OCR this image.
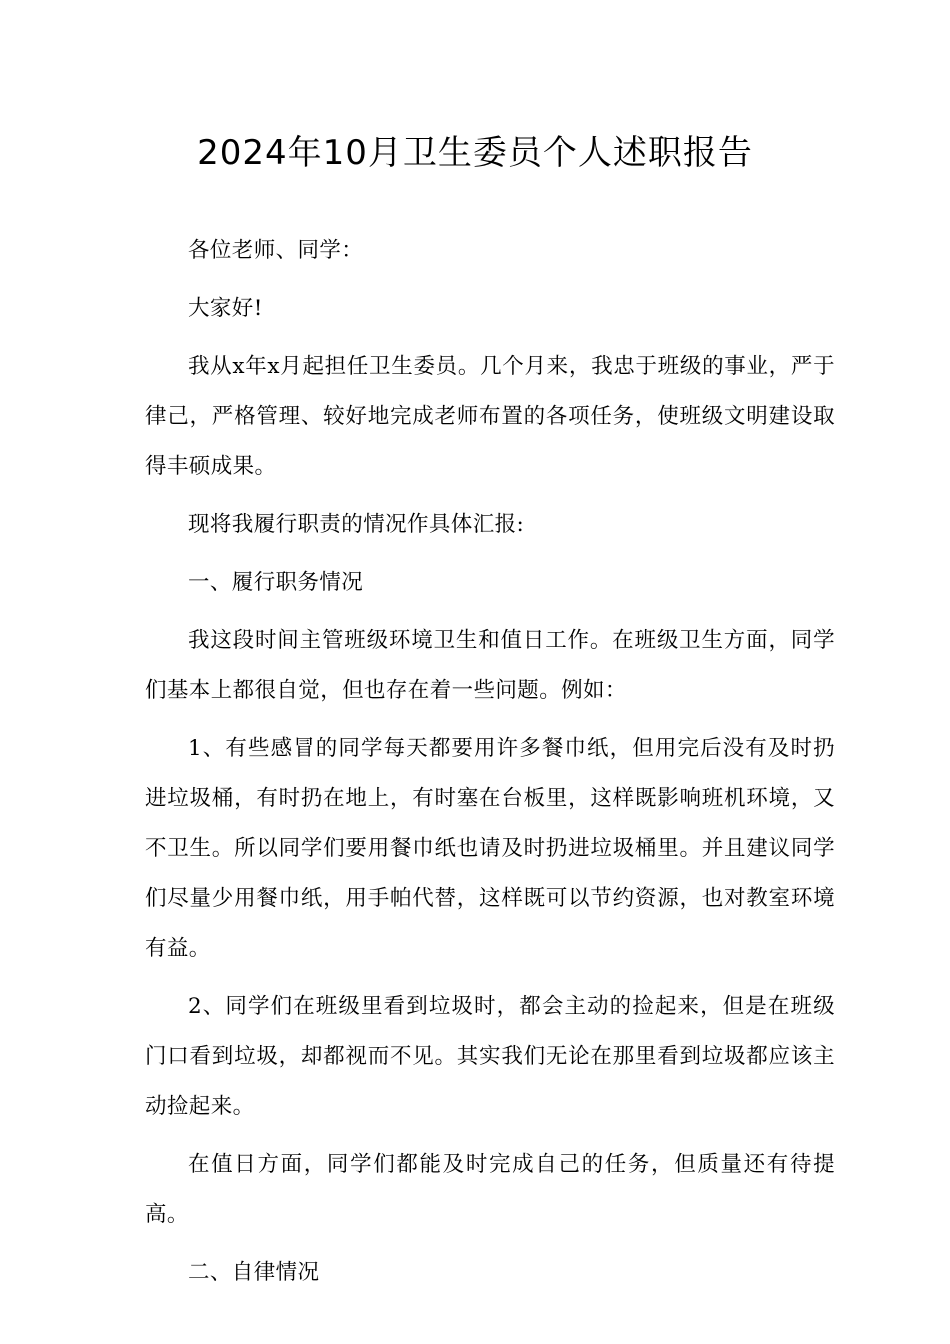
2024年10月卫生委员个人述职报告

各位老师、同学：

大家好!

我从x年x月起担任卫生委员。几个月来，我忠于班级的事业，严于律己，严格管理、较好地完成老师布置的各项任务，使班级文明建设取得丰硕成果。

现将我履行职责的情况作具体汇报:

一、履行职务情况

我这段时间主管班级环境卫生和值日工作。在班级卫生方面，同学们基本上都很自觉，但也存在着一些问题。例如：

1、有些感冒的同学每天都要用许多餐巾纸，但用完后没有及时扔进垃圾桶，有时扔在地上，有时塞在台板里，这样既影响班机环境，又不卫生。所以同学们要用餐巾纸也请及时扔进垃圾桶里。并且建议同学们尽量少用餐巾纸，用手帕代替，这样既可以节约资源，也对教室环境有益。

2、同学们在班级里看到垃圾时，都会主动的捡起来，但是在班级门口看到垃圾，却都视而不见。其实我们无论在那里看到垃圾都应该主动捡起来。

在值日方面，同学们都能及时完成自己的任务，但质量还有待提高。

二、自律情况
